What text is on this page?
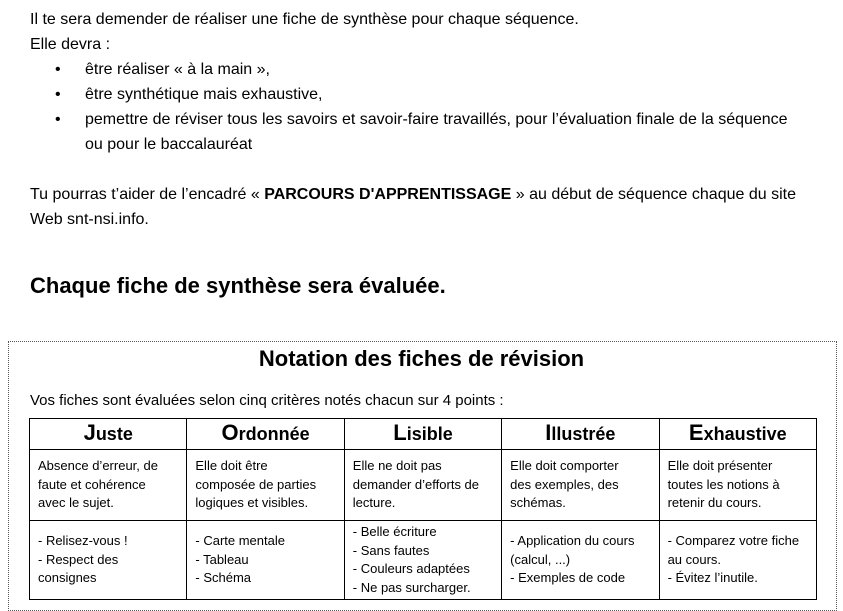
Il te sera demender de réaliser une fiche de synthèse pour chaque séquence.
Elle devra :
• être réaliser « à la main »,
• être synthétique mais exhaustive,
• pemettre de réviser tous les savoirs et savoir-faire travaillés, pour l’évaluation finale de la séquence
ou pour le baccalauréat
Tu pourras t’aider de l’encadré « PARCOURS D'APPRENTISSAGE » au début de séquence chaque du site
Web snt-nsi.info.
Chaque fiche de synthèse sera évaluée.
Notation des fiches de révision
Vos fiches sont évaluées selon cinq critères notés chacun sur 4 points :
Juste	Ordonnée	Lisible	Illustrée	Exhaustive

Absence d’erreur, de
faute et cohérence
avec le sujet.	Elle doit être
composée de parties
logiques et visibles.	Elle ne doit pas
demander d’efforts de
lecture.	Elle doit comporter
des exemples, des
schémas.	Elle doit présenter
toutes les notions à
retenir du cours.

- Relisez-vous !
- Respect des
consignes	- Carte mentale
- Tableau
- Schéma	- Belle écriture
- Sans fautes
- Couleurs adaptées
- Ne pas surcharger.	- Application du cours
(calcul, ...)
- Exemples de code	- Comparez votre fiche
au cours.
- Évitez l’inutile.
